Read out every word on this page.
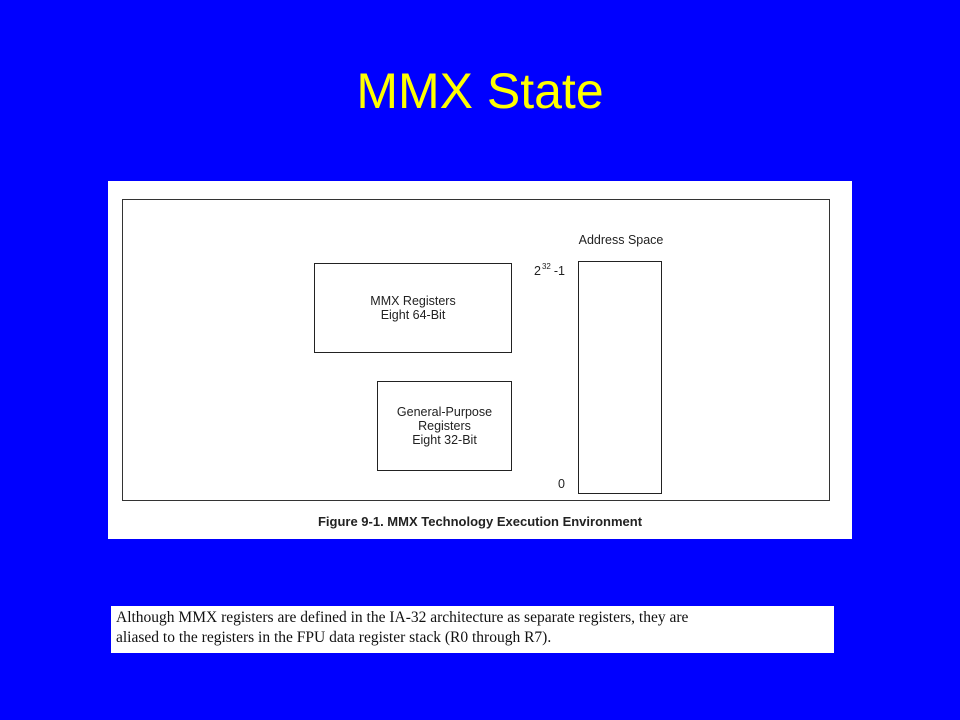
MMX State
MMX Registers
Eight 64-Bit
General-Purpose
Registers
Eight 32-Bit
Address Space
$2^{32}$ -1
0
Figure 9-1. MMX Technology Execution Environment
Although MMX registers are defined in the IA-32 architecture as separate registers, they are
aliased to the registers in the FPU data register stack (R0 through R7).
